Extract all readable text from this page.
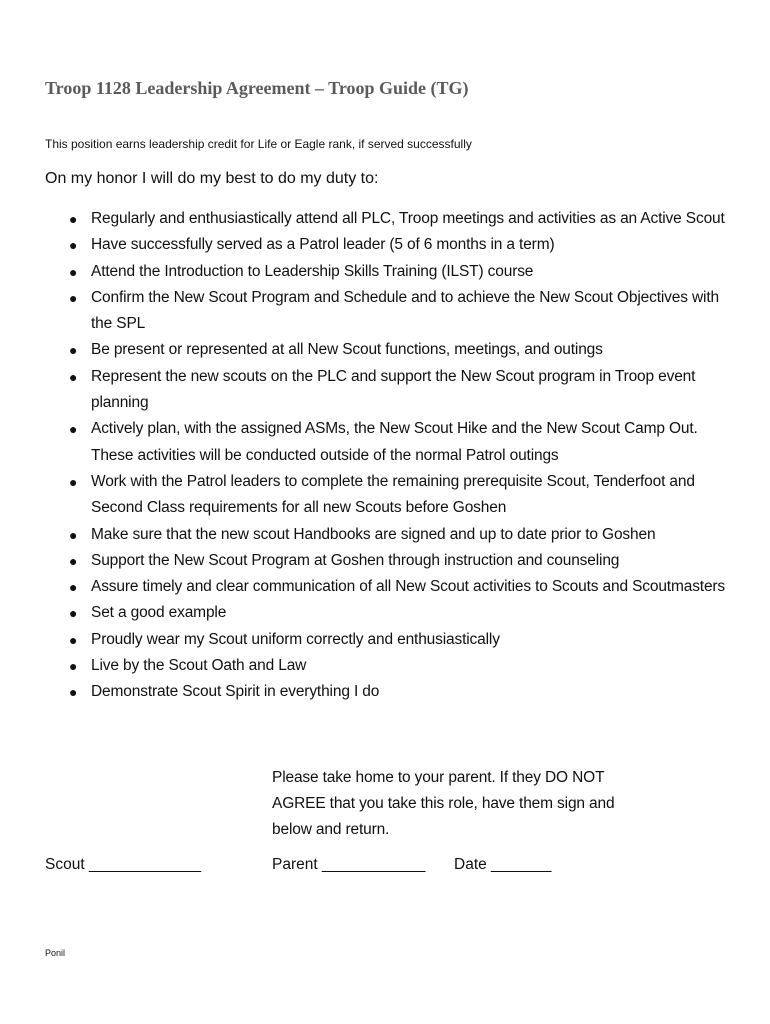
Troop 1128 Leadership Agreement – Troop Guide (TG)
This position earns leadership credit for Life or Eagle rank, if served successfully
On my honor I will do my best to do my duty to:
● Regularly and enthusiastically attend all PLC, Troop meetings and activities as an Active Scout
● Have successfully served as a Patrol leader (5 of 6 months in a term)
● Attend the Introduction to Leadership Skills Training (ILST) course
● Confirm the New Scout Program and Schedule and to achieve the New Scout Objectives with the SPL
● Be present or represented at all New Scout functions, meetings, and outings
● Represent the new scouts on the PLC and support the New Scout program in Troop event planning
● Actively plan, with the assigned ASMs, the New Scout Hike and the New Scout Camp Out. These activities will be conducted outside of the normal Patrol outings
● Work with the Patrol leaders to complete the remaining prerequisite Scout, Tenderfoot and Second Class requirements for all new Scouts before Goshen
● Make sure that the new scout Handbooks are signed and up to date prior to Goshen
● Support the New Scout Program at Goshen through instruction and counseling
● Assure timely and clear communication of all New Scout activities to Scouts and Scoutmasters
● Set a good example
● Proudly wear my Scout uniform correctly and enthusiastically
● Live by the Scout Oath and Law
● Demonstrate Scout Spirit in everything I do
Please take home to your parent. If they DO NOT AGREE that you take this role, have them sign and below and return.
Scout _____________	Parent ____________ Date _______
Ponil
